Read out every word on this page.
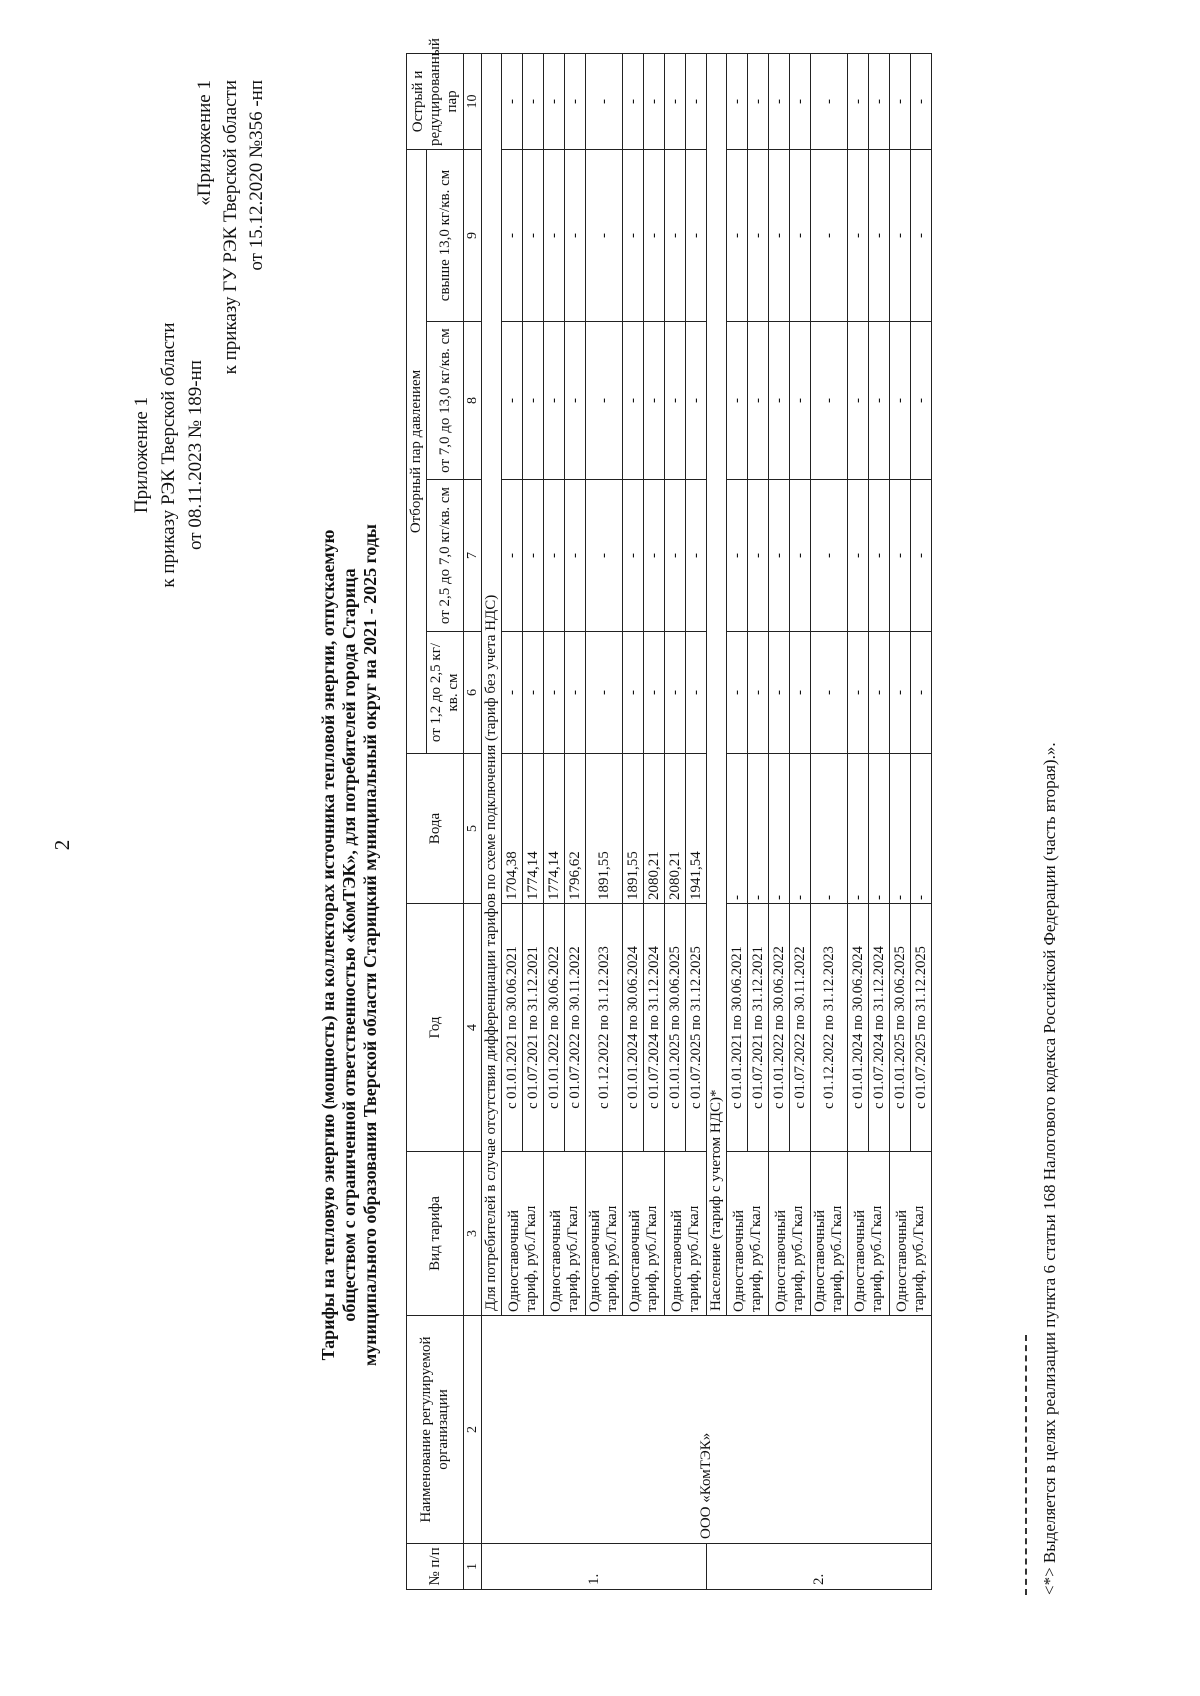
2
Приложение 1 к приказу РЭК Тверской области от 08.11.2023 № 189-нп
«Приложение 1 к приказу ГУ РЭК Тверской области от 15.12.2020 №356 -нп
Тарифы на тепловую энергию (мощность) на коллекторах источника тепловой энергии, отпускаемую обществом с ограниченной ответственностью «КомТЭК», для потребителей города Старица муниципального образования Тверской области Старицкий муниципальный округ на 2021 - 2025 годы
№ п/п	Наименование регулируемой организации	Вид тарифа	Год	Вода	Отборный пар давлением				Острый и редуцированный пар
					от 1,2 до 2,5 кг/кв. см	от 2,5 до 7,0 кг/кв. см	от 7,0 до 13,0 кг/кв. см	свыше 13,0 кг/кв. см	
1	2	3	4	5	6	7	8	9	10
1.	ООО «КомТЭК»	Для потребителей в случае отсутствия дифференциации тарифов по схеме подключения (тариф без учета НДС)							

		Одноставочный тариф, руб./Гкал	с 01.01.2021 по 30.06.2021	1704,38	-	-	-	-	-
			с 01.07.2021 по 31.12.2021	1774,14	-	-	-	-	-

		Одноставочный тариф, руб./Гкал	с 01.01.2022 по 30.06.2022	1774,14	-	-	-	-	-
			с 01.07.2022 по 30.11.2022	1796,62	-	-	-	-	-

		Одноставочный тариф, руб./Гкал	с 01.12.2022 по 31.12.2023	1891,55	-	-	-	-	-

		Одноставочный тариф, руб./Гкал	с 01.01.2024 по 30.06.2024	1891,55	-	-	-	-	-
			с 01.07.2024 по 31.12.2024	2080,21	-	-	-	-	-

		Одноставочный тариф, руб./Гкал	с 01.01.2025 по 30.06.2025	2080,21	-	-	-	-	-
			с 01.07.2025 по 31.12.2025	1941,54	-	-	-	-	-
2.		Население (тариф с учетом НДС)*							

		Одноставочный тариф, руб./Гкал	с 01.01.2021 по 30.06.2021	-	-	-	-	-	-
			с 01.07.2021 по 31.12.2021	-	-	-	-	-	-

		Одноставочный тариф, руб./Гкал	с 01.01.2022 по 30.06.2022	-	-	-	-	-	-
			с 01.07.2022 по 30.11.2022	-	-	-	-	-	-

		Одноставочный тариф, руб./Гкал	с 01.12.2022 по 31.12.2023	-	-	-	-	-	-

		Одноставочный тариф, руб./Гкал	с 01.01.2024 по 30.06.2024	-	-	-	-	-	-
			с 01.07.2024 по 31.12.2024	-	-	-	-	-	-

		Одноставочный тариф, руб./Гкал	с 01.01.2025 по 30.06.2025	-	-	-	-	-	-
			с 01.07.2025 по 31.12.2025	-	-	-	-	-	-
<*> Выделяется в целях реализации пункта 6 статьи 168 Налогового кодекса Российской Федерации (часть вторая).».
